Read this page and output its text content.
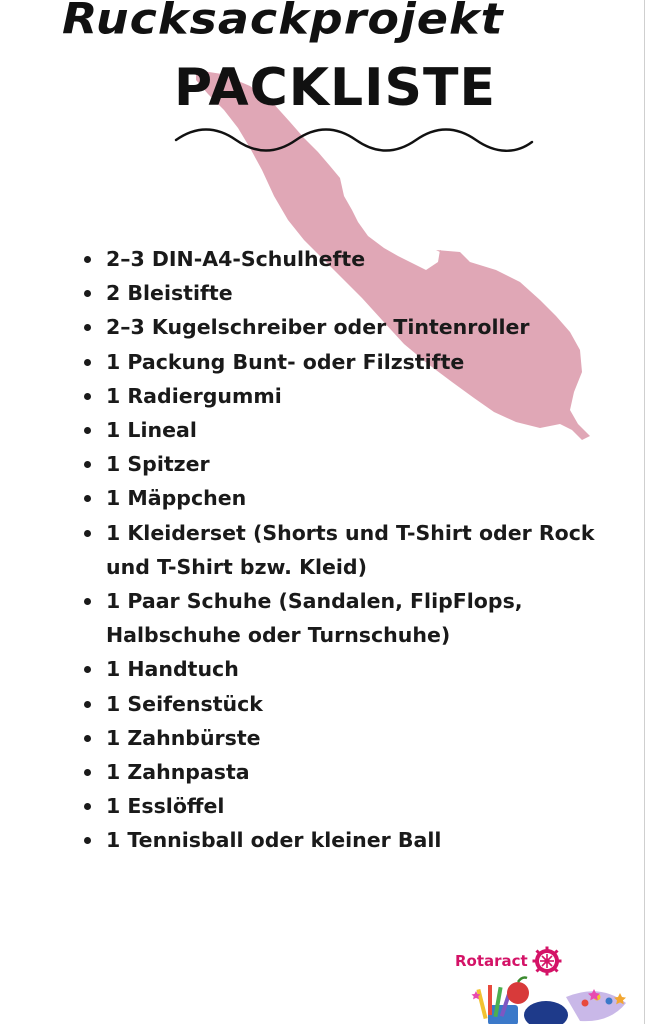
Rucksackprojekt
PACKLISTE
2–3 DIN-A4-Schulhefte
2 Bleistifte
2–3 Kugelschreiber oder Tintenroller
1 Packung Bunt- oder Filzstifte
1 Radiergummi
1 Lineal
1 Spitzer
1 Mäppchen
1 Kleiderset (Shorts und T-Shirt oder Rock und T-Shirt bzw. Kleid)
1 Paar Schuhe (Sandalen, FlipFlops, Halbschuhe oder Turnschuhe)
1 Handtuch
1 Seifenstück
1 Zahnbürste
1 Zahnpasta
1 Esslöffel
1 Tennisball oder kleiner Ball
Rotaract
